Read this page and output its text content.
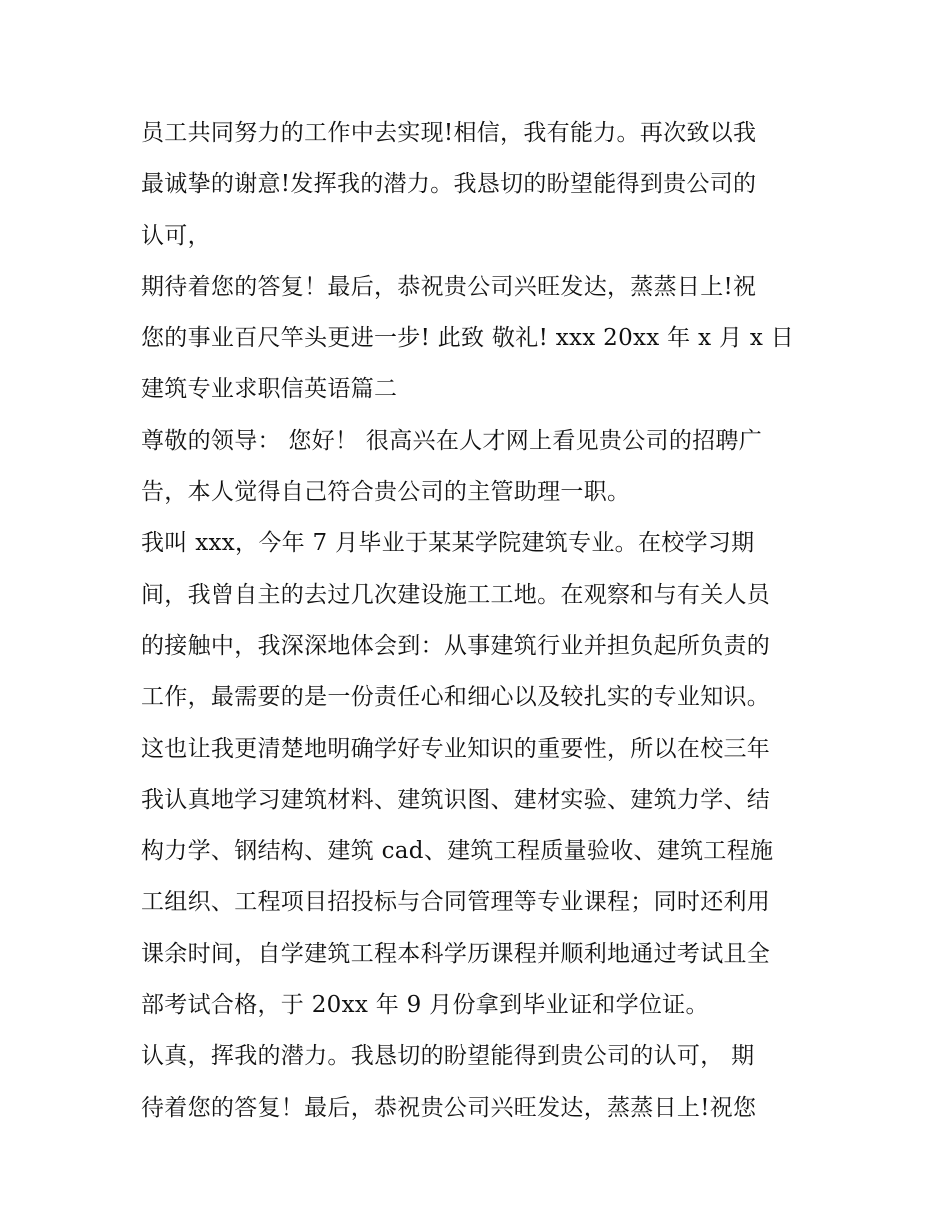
员工共同努力的工作中去实现!相信，我有能力。再次致以我
最诚挚的谢意!发挥我的潜力。我恳切的盼望能得到贵公司的
认可，
期待着您的答复！最后，恭祝贵公司兴旺发达，蒸蒸日上!祝
您的事业百尺竿头更进一步! 此致 敬礼! xxx 20xx 年 x 月 x 日
建筑专业求职信英语篇二
尊敬的领导： 您好！ 很高兴在人才网上看见贵公司的招聘广
告，本人觉得自己符合贵公司的主管助理一职。
我叫 xxx，今年 7 月毕业于某某学院建筑专业。在校学习期
间，我曾自主的去过几次建设施工工地。在观察和与有关人员
的接触中，我深深地体会到：从事建筑行业并担负起所负责的
工作，最需要的是一份责任心和细心以及较扎实的专业知识。
这也让我更清楚地明确学好专业知识的重要性，所以在校三年
我认真地学习建筑材料、建筑识图、建材实验、建筑力学、结
构力学、钢结构、建筑 cad、建筑工程质量验收、建筑工程施
工组织、工程项目招投标与合同管理等专业课程；同时还利用
课余时间，自学建筑工程本科学历课程并顺利地通过考试且全
部考试合格，于 20xx 年 9 月份拿到毕业证和学位证。
认真，挥我的潜力。我恳切的盼望能得到贵公司的认可， 期
待着您的答复！最后，恭祝贵公司兴旺发达，蒸蒸日上!祝您
